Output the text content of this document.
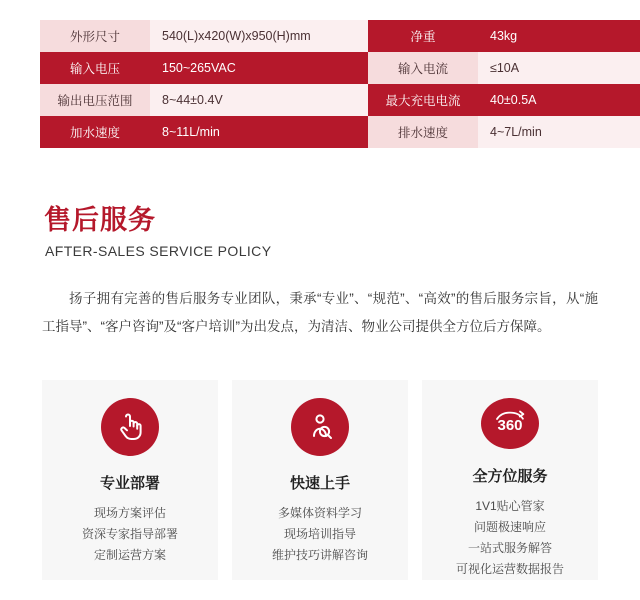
外形尺寸	540(L)x420(W)x950(H)mm	净重	43kg
输入电压	150~265VAC	输入电流	≤10A
输出电压范围	8~44±0.4V	最大充电电流	40±0.5A
加水速度	8~11L/min	排水速度	4~7L/min
售后服务
AFTER-SALES SERVICE POLICY
扬子拥有完善的售后服务专业团队，秉承“专业”、“规范”、“高效”的售后服务宗旨，从“施工指导”、“客户咨询”及“客户培训”为出发点，为清洁、物业公司提供全方位后方保障。
专业部署
现场方案评估
资深专家指导部署
定制运营方案
快速上手
多媒体资料学习
现场培训指导
维护技巧讲解咨询
360
全方位服务
1V1贴心管家
问题极速响应
一站式服务解答
可视化运营数据报告
